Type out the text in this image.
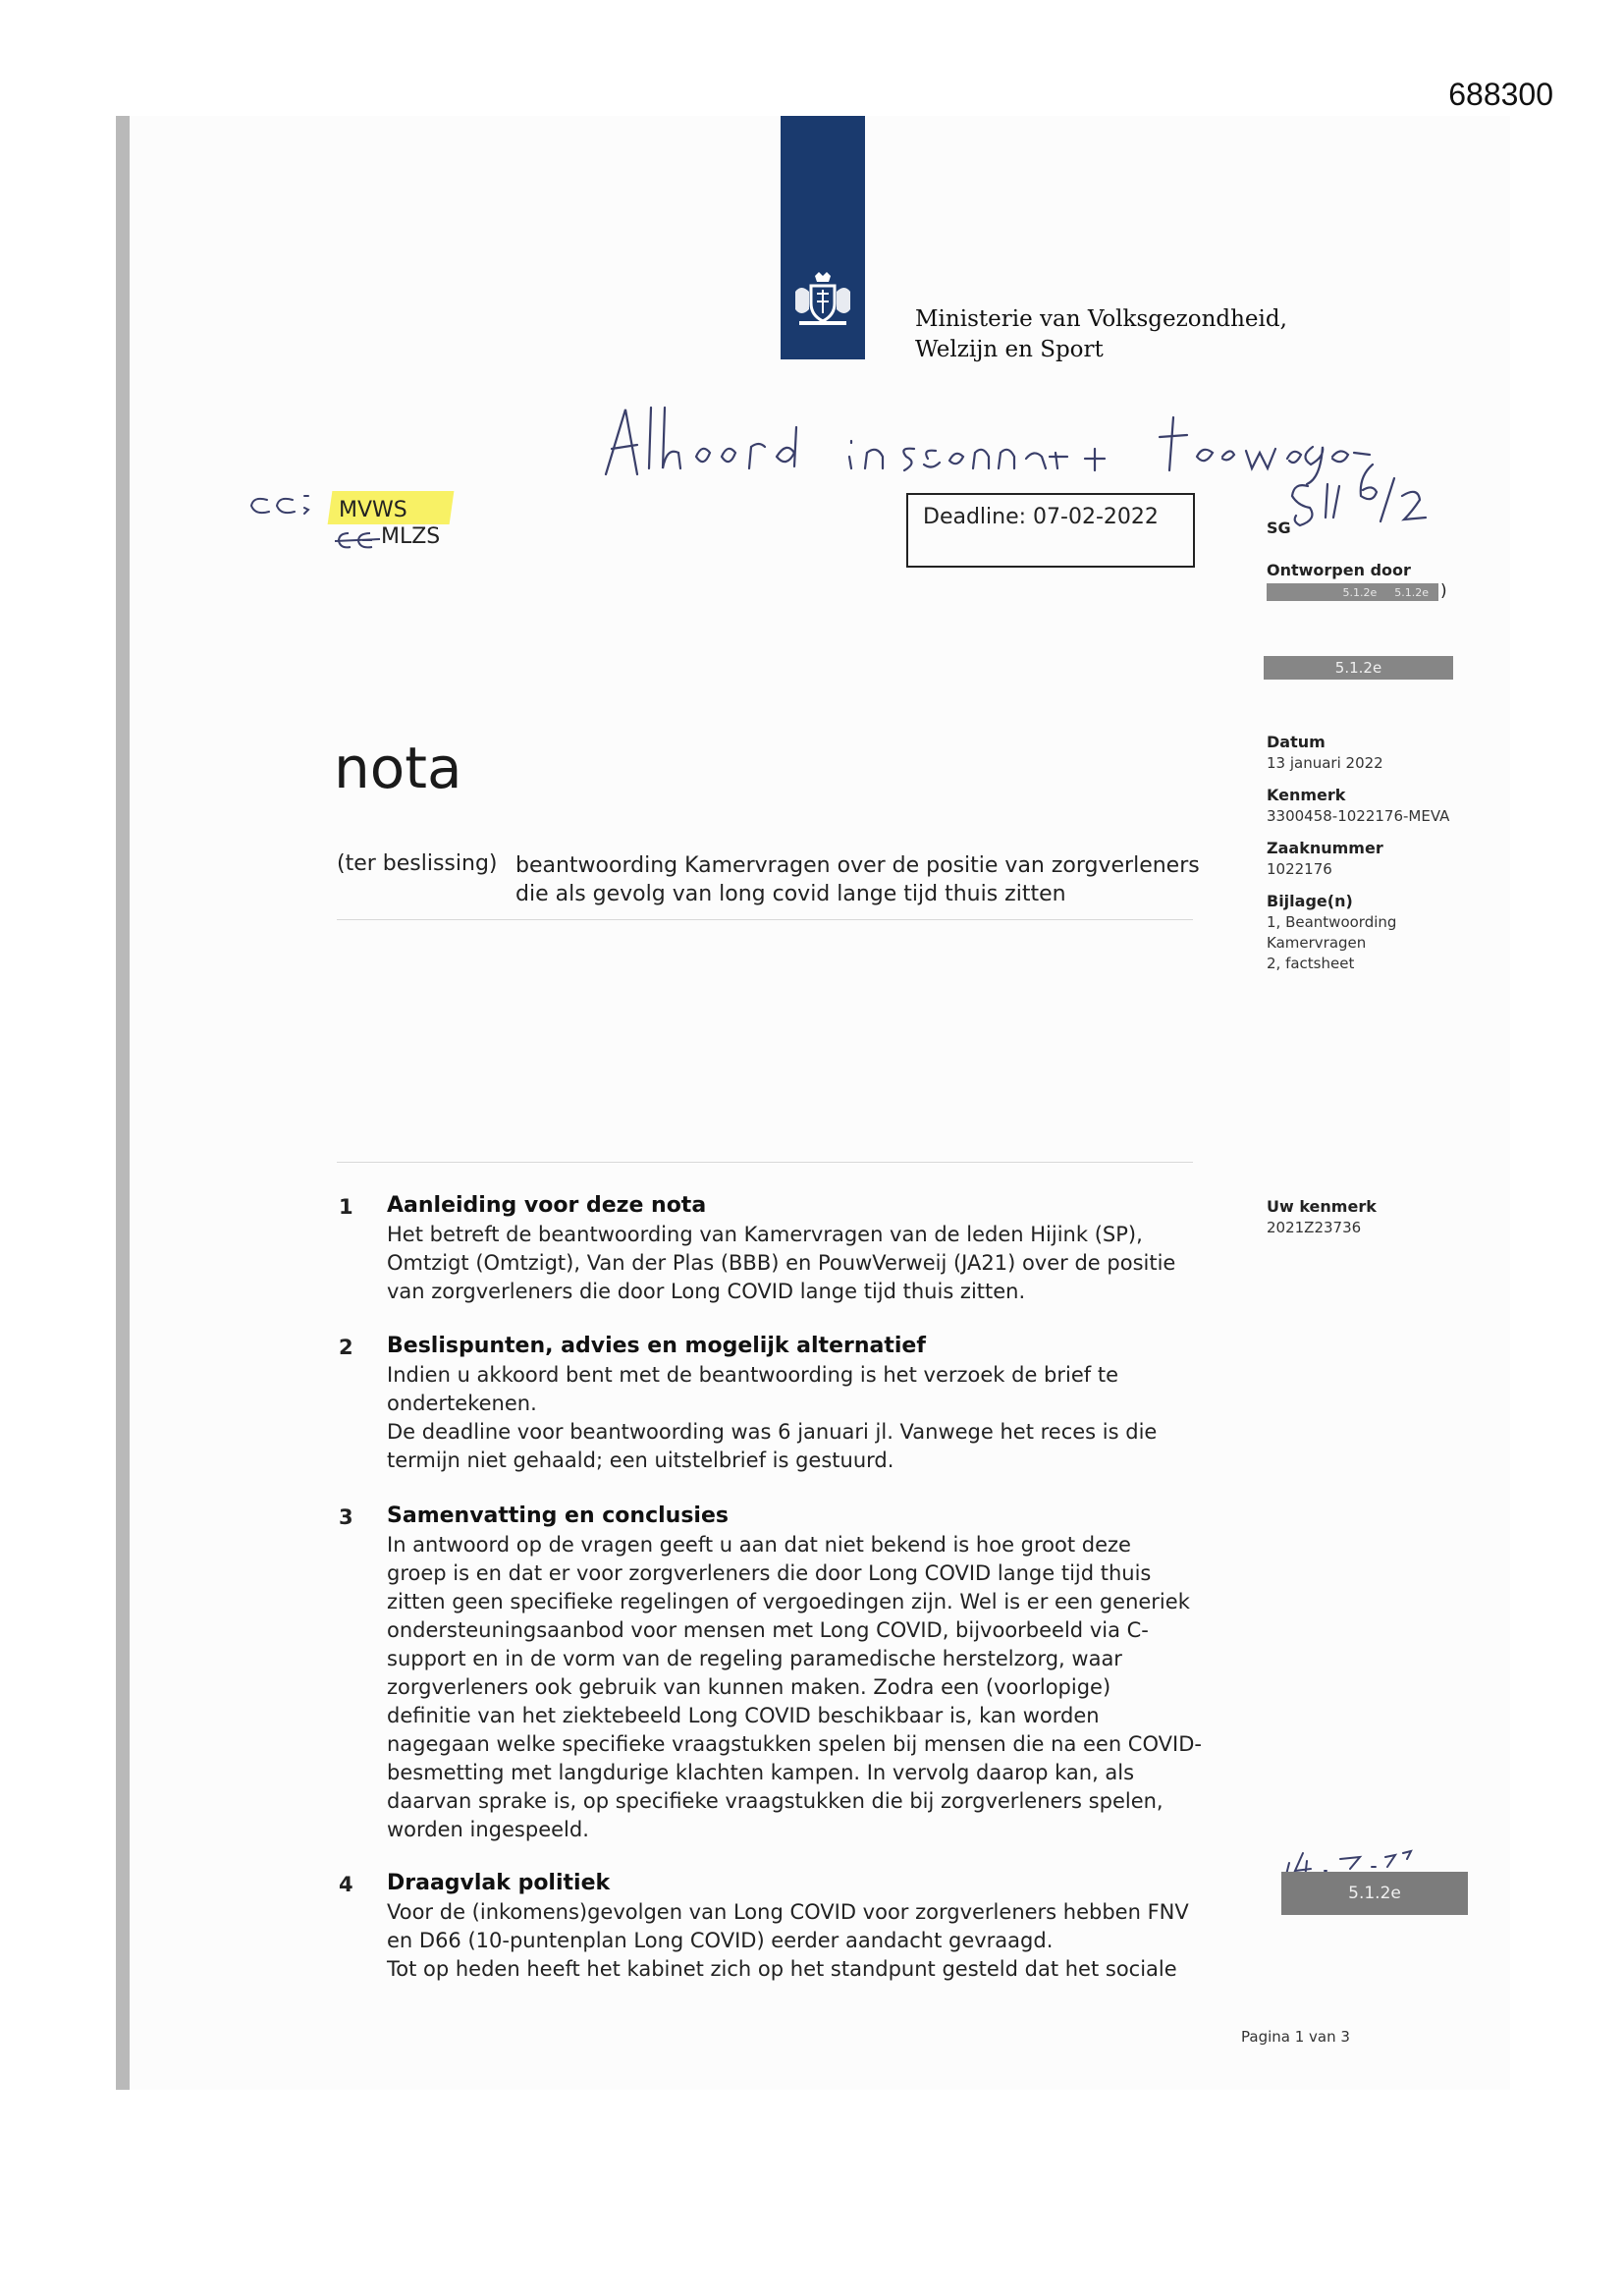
688300
Ministerie van Volksgezondheid,
Welzijn en Sport
MVWS
MLZS
Deadline: 07-02-2022	SG
Ontworpen door
5.1.2e 5.1.2e )
5.1.2e
nota	Datum
13 januari 2022
Kenmerk
3300458-1022176-MEVA
Zaaknummer
1022176
Bijlage(n)
1, Beantwoording
Kamervragen
2, factsheet
(ter beslissing) beantwoording Kamervragen over de positie van zorgverleners
die als gevolg van long covid lange tijd thuis zitten
Uw kenmerk
2021Z23736
1 Aanleiding voor deze nota
Het betreft de beantwoording van Kamervragen van de leden Hijink (SP),
Omtzigt (Omtzigt), Van der Plas (BBB) en PouwVerweij (JA21) over de positie
van zorgverleners die door Long COVID lange tijd thuis zitten.
2 Beslispunten, advies en mogelijk alternatief
Indien u akkoord bent met de beantwoording is het verzoek de brief te
ondertekenen.
De deadline voor beantwoording was 6 januari jl. Vanwege het reces is die
termijn niet gehaald; een uitstelbrief is gestuurd.
3 Samenvatting en conclusies
In antwoord op de vragen geeft u aan dat niet bekend is hoe groot deze
groep is en dat er voor zorgverleners die door Long COVID lange tijd thuis
zitten geen specifieke regelingen of vergoedingen zijn. Wel is er een generiek
ondersteuningsaanbod voor mensen met Long COVID, bijvoorbeeld via C-
support en in de vorm van de regeling paramedische herstelzorg, waar
zorgverleners ook gebruik van kunnen maken. Zodra een (voorlopige)
definitie van het ziektebeeld Long COVID beschikbaar is, kan worden
nagegaan welke specifieke vraagstukken spelen bij mensen die na een COVID-
besmetting met langdurige klachten kampen. In vervolg daarop kan, als
daarvan sprake is, op specifieke vraagstukken die bij zorgverleners spelen,
worden ingespeeld.
4 Draagvlak politiek
Voor de (inkomens)gevolgen van Long COVID voor zorgverleners hebben FNV
en D66 (10-puntenplan Long COVID) eerder aandacht gevraagd.
Tot op heden heeft het kabinet zich op het standpunt gesteld dat het sociale
5.1.2e
Pagina 1 van 3
